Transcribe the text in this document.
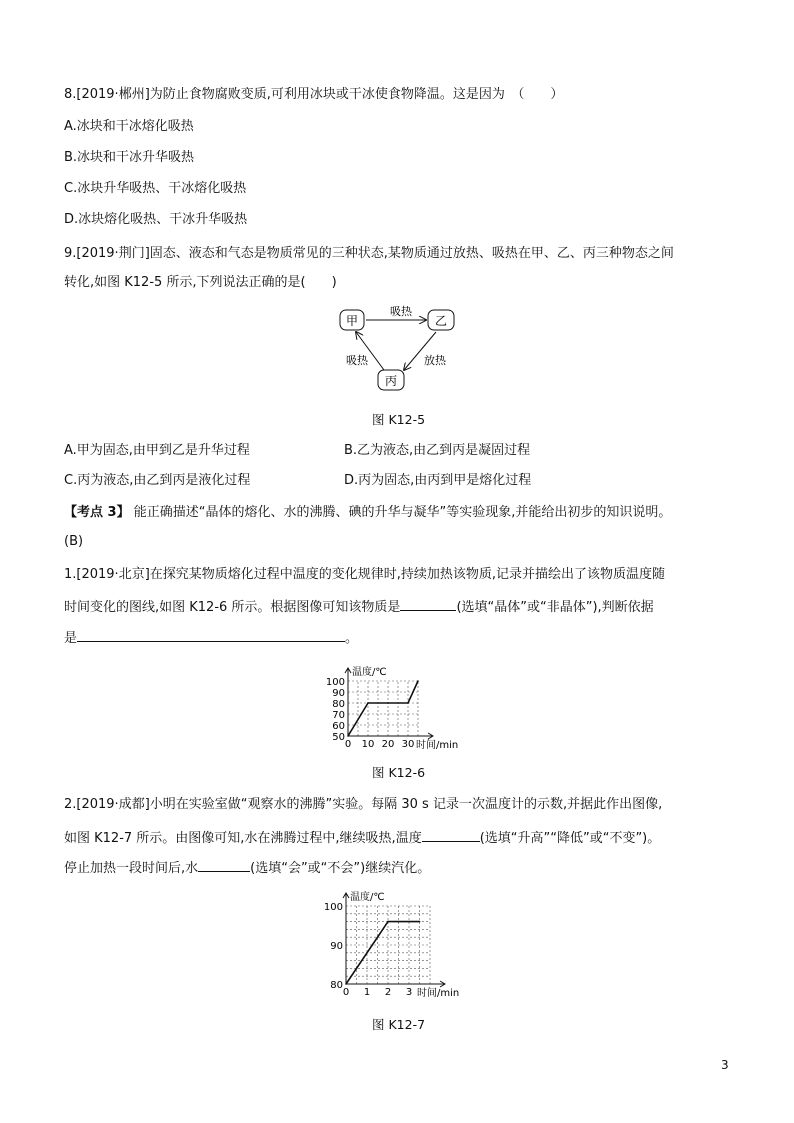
8.[2019·郴州]为防止食物腐败变质,可利用冰块或干冰使食物降温。这是因为　（　　）
A.冰块和干冰熔化吸热
B.冰块和干冰升华吸热
C.冰块升华吸热、干冰熔化吸热
D.冰块熔化吸热、干冰升华吸热
9.[2019·荆门]固态、液态和气态是物质常见的三种状态,某物质通过放热、吸热在甲、乙、丙三种物态之间
转化,如图 K12-5 所示,下列说法正确的是(　　)
甲	乙
丙
吸热
放热
吸热
图 K12-5
A.甲为固态,由甲到乙是升华过程	B.乙为液态,由乙到丙是凝固过程
C.丙为液态,由乙到丙是液化过程	D.丙为固态,由丙到甲是熔化过程
【考点 3】 能正确描述“晶体的熔化、水的沸腾、碘的升华与凝华”等实验现象,并能给出初步的知识说明。
(B)
1.[2019·北京]在探究某物质熔化过程中温度的变化规律时,持续加热该物质,记录并描绘出了该物质温度随
时间变化的图线,如图 K12-6 所示。根据图像可知该物质是	(选填“晶体”或“非晶体”),判断依据
是	。
50
60
70
80
90
100
0 10 20 30
温度/℃
时间/min
图 K12-6
2.[2019·成都]小明在实验室做“观察水的沸腾”实验。每隔 30 s 记录一次温度计的示数,并据此作出图像,
如图 K12-7 所示。由图像可知,水在沸腾过程中,继续吸热,温度	(选填“升高”“降低”或“不变”)。
停止加热一段时间后,水	(选填“会”或“不会”)继续汽化。
80
90
100
0 1 2 3
温度/℃
时间/min
图 K12-7
3
